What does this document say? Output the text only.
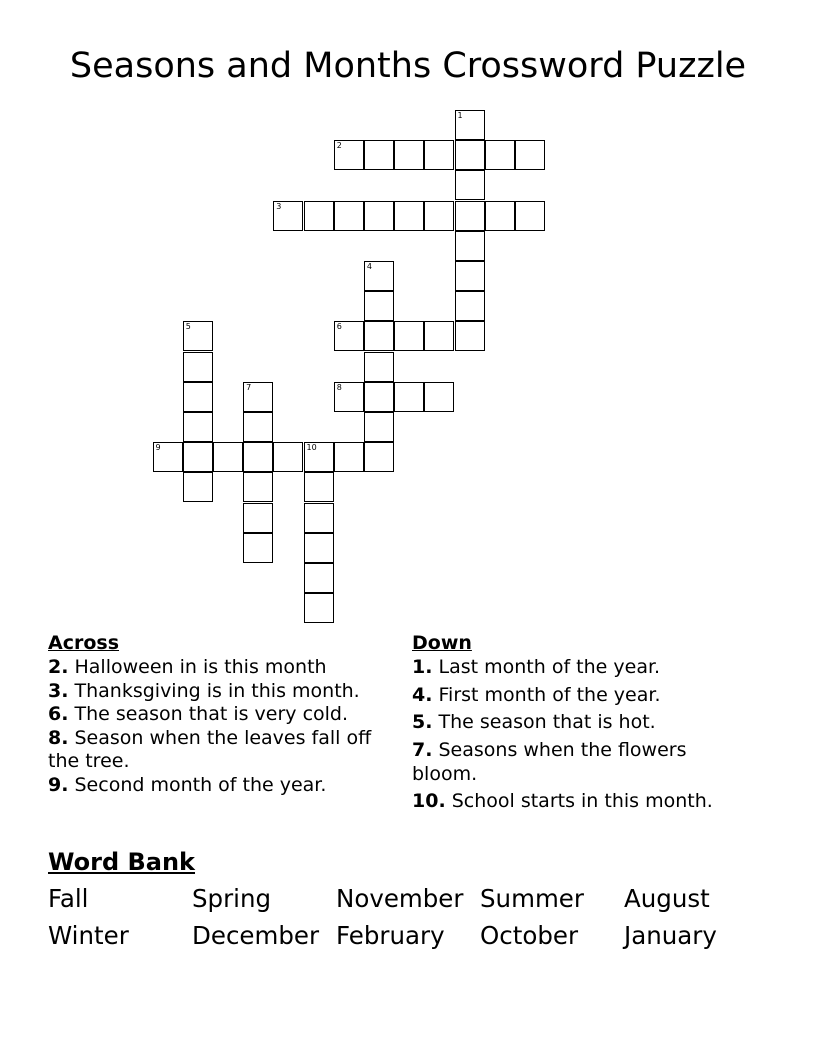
Seasons and Months Crossword Puzzle
1
2
3
4
5	6
7	8
9	10
Across

2. Halloween in is this month

3. Thanksgiving is in this month.

6. The season that is very cold.

8. Season when the leaves fall off the tree.

9. Second month of the year.

Down

1. Last month of the year.

4. First month of the year.

5. The season that is hot.

7. Seasons when the flowers bloom.

10. School starts in this month.

Word Bank
Fall	Spring	November Summer August
Winter	December February October January
